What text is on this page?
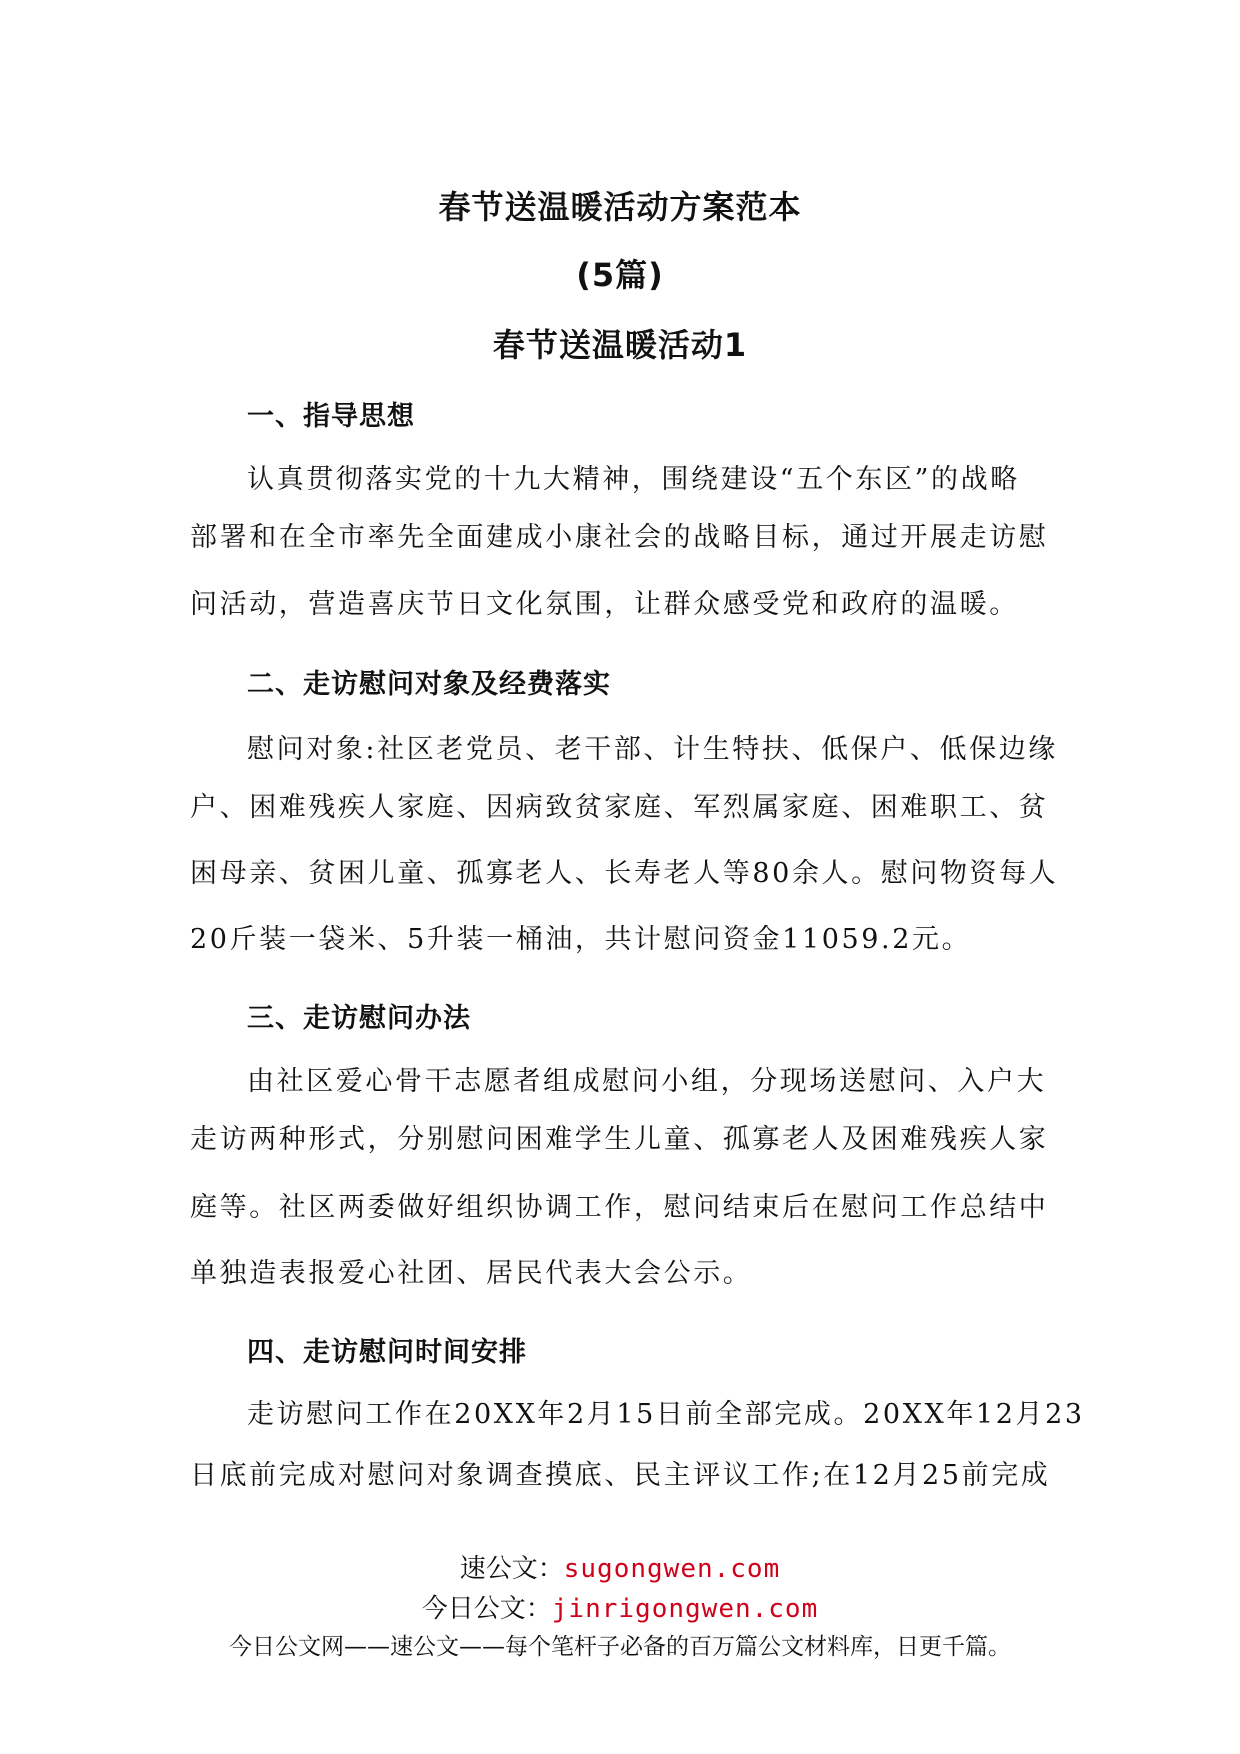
春节送温暖活动方案范本
(5篇)
春节送温暖活动1
一、指导思想
认真贯彻落实党的十九大精神，围绕建设“五个东区”的战略
部署和在全市率先全面建成小康社会的战略目标，通过开展走访慰
问活动，营造喜庆节日文化氛围，让群众感受党和政府的温暖。
二、走访慰问对象及经费落实
慰问对象:社区老党员、老干部、计生特扶、低保户、低保边缘
户、困难残疾人家庭、因病致贫家庭、军烈属家庭、困难职工、贫
困母亲、贫困儿童、孤寡老人、长寿老人等80余人。慰问物资每人
20斤装一袋米、5升装一桶油，共计慰问资金11059.2元。
三、走访慰问办法
由社区爱心骨干志愿者组成慰问小组，分现场送慰问、入户大
走访两种形式，分别慰问困难学生儿童、孤寡老人及困难残疾人家
庭等。社区两委做好组织协调工作，慰问结束后在慰问工作总结中
单独造表报爱心社团、居民代表大会公示。
四、走访慰问时间安排
走访慰问工作在20XX年2月15日前全部完成。20XX年12月23
日底前完成对慰问对象调查摸底、民主评议工作;在12月25前完成
速公文：sugongwen.com
今日公文：jinrigongwen.com
今日公文网——速公文——每个笔杆子必备的百万篇公文材料库，日更千篇。
